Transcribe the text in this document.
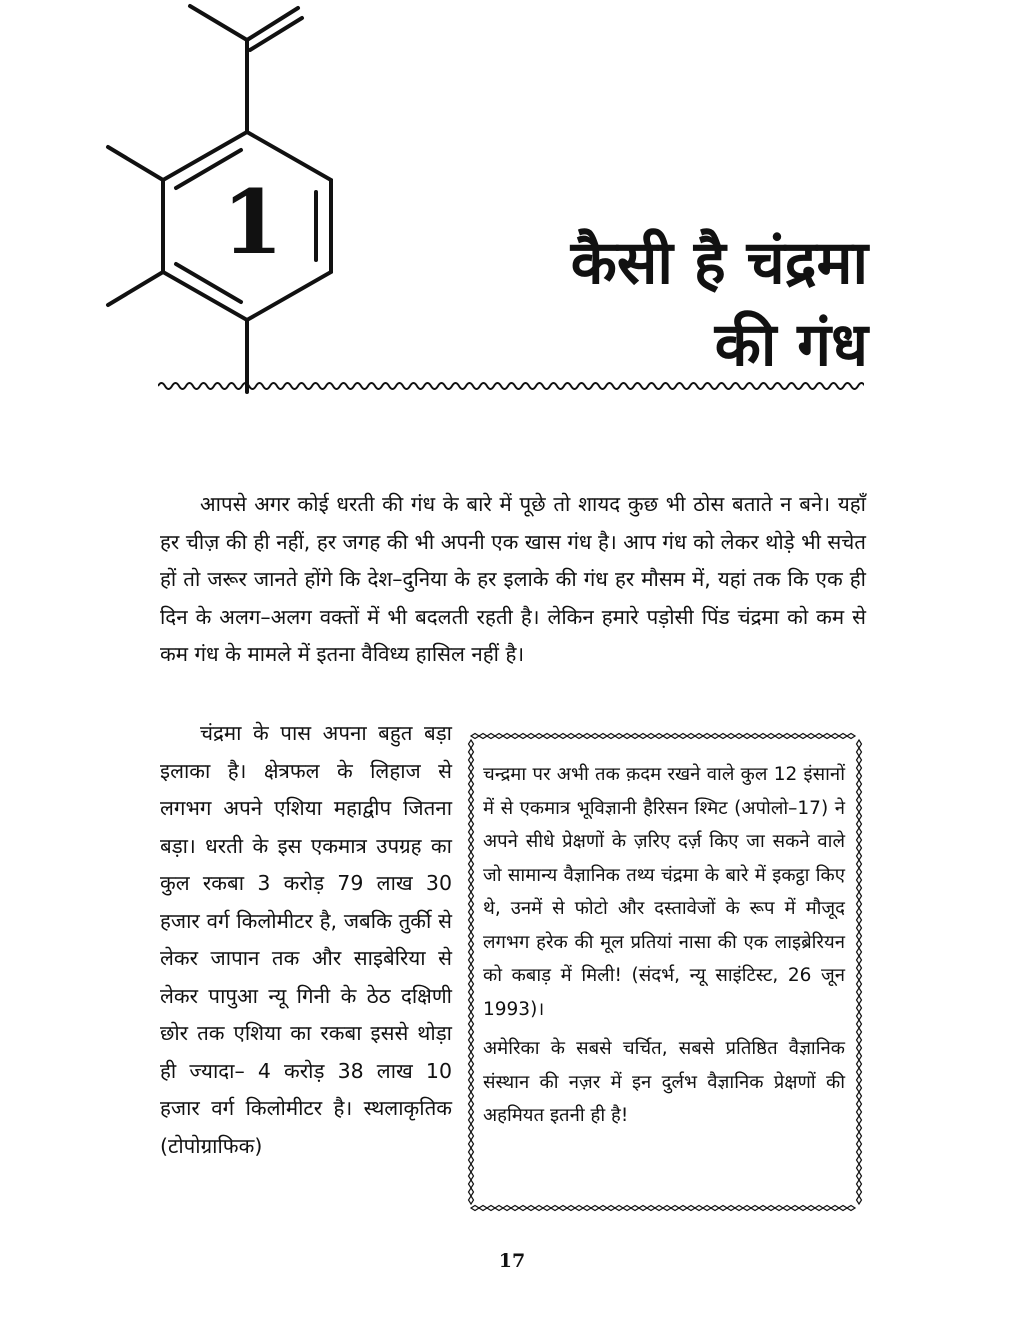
1	कैसी है चंद्रमा
की गंध

आपसे अगर कोई धरती की गंध के बारे में पूछे तो शायद कुछ भी ठोस बताते न बने। यहाँ हर चीज़ की ही नहीं, हर जगह की भी अपनी एक खास गंध है। आप गंध को लेकर थोड़े भी सचेत हों तो जरूर जानते होंगे कि देश–दुनिया के हर इलाके की गंध हर मौसम में, यहां तक कि एक ही दिन के अलग–अलग वक्तों में भी बदलती रहती है। लेकिन हमारे पड़ोसी पिंड चंद्रमा को कम से कम गंध के मामले में इतना वैविध्य हासिल नहीं है।

चंद्रमा के पास अपना बहुत बड़ा इलाका है। क्षेत्रफल के लिहाज से लगभग अपने एशिया महाद्वीप जितना बड़ा। धरती के इस एकमात्र उपग्रह का कुल रकबा 3 करोड़ 79 लाख 30 हजार वर्ग किलोमीटर है, जबकि तुर्की से लेकर जापान तक और साइबेरिया से लेकर पापुआ न्यू गिनी के ठेठ दक्षिणी छोर तक एशिया का रकबा इससे थोड़ा ही ज्यादा– 4 करोड़ 38 लाख 10 हजार वर्ग किलोमीटर है। स्थलाकृतिक (टोपोग्राफिक)

चन्द्रमा पर अभी तक क़दम रखने वाले कुल 12 इंसानों में से एकमात्र भूविज्ञानी हैरिसन श्मिट (अपोलो–17) ने अपने सीधे प्रेक्षणों के ज़रिए दर्ज़ किए जा सकने वाले जो सामान्य वैज्ञानिक तथ्य चंद्रमा के बारे में इकट्ठा किए थे, उनमें से फोटो और दस्तावेजों के रूप में मौजूद लगभग हरेक की मूल प्रतियां नासा की एक लाइब्रेरियन को कबाड़ में मिली! (संदर्भ, न्यू साइंटिस्ट, 26 जून 1993)।

अमेरिका के सबसे चर्चित, सबसे प्रतिष्ठित वैज्ञानिक संस्थान की नज़र में इन दुर्लभ वैज्ञानिक प्रेक्षणों की अहमियत इतनी ही है!

17
